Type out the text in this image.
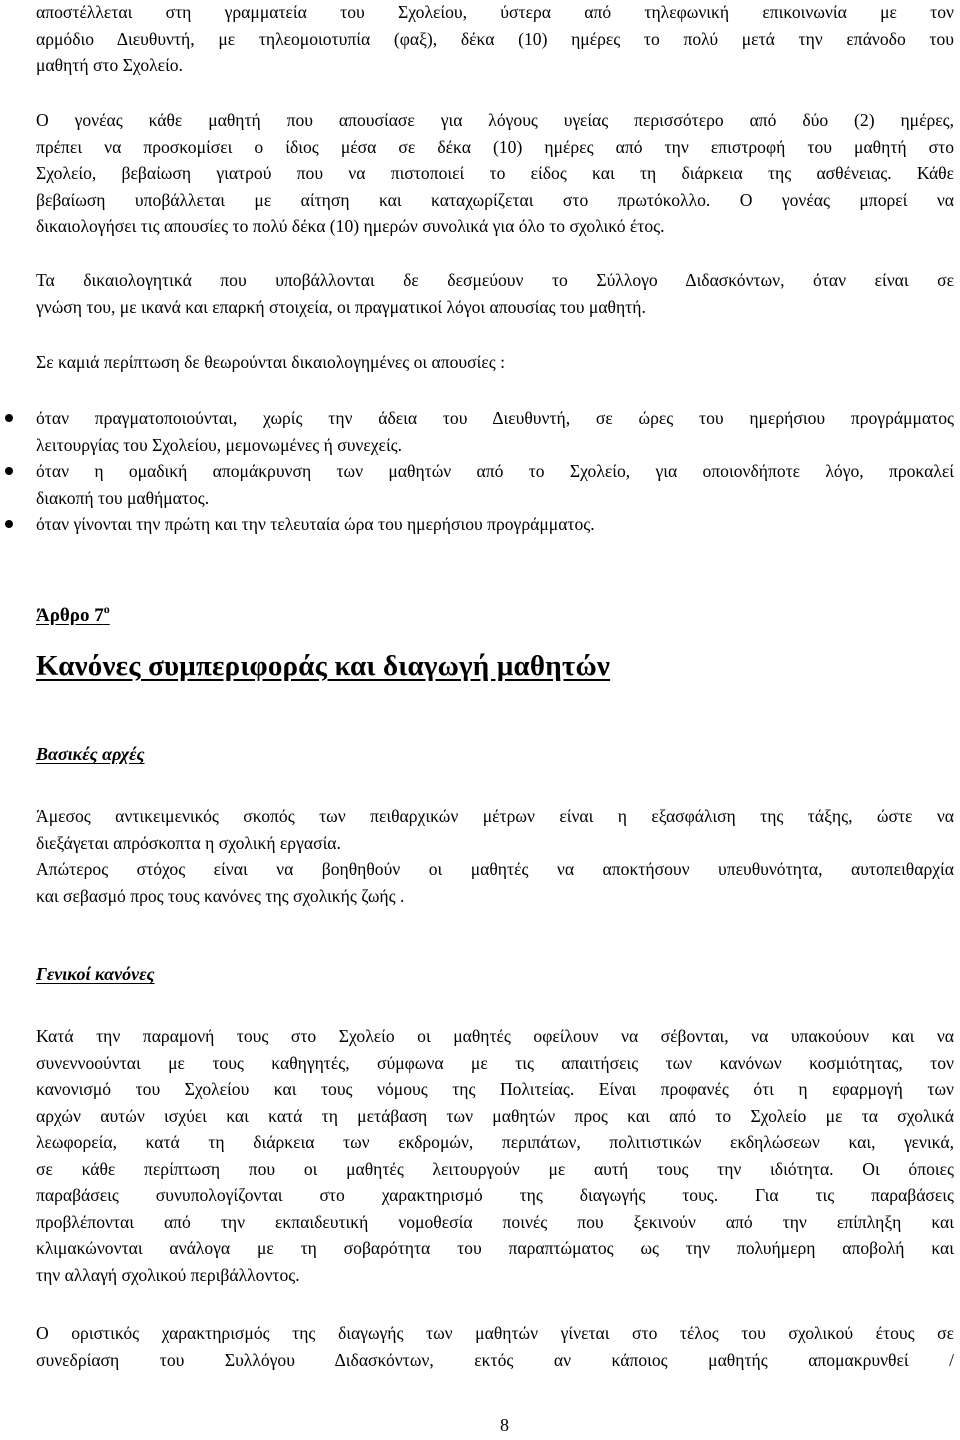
αποστέλλεται στη γραμματεία του Σχολείου, ύστερα από τηλεφωνική επικοινωνία με τον
αρμόδιο Διευθυντή, με τηλεομοιοτυπία (φαξ), δέκα (10) ημέρες το πολύ μετά την επάνοδο του
μαθητή στο Σχολείο.
Ο γονέας κάθε μαθητή που απουσίασε για λόγους υγείας περισσότερο από δύο (2) ημέρες,
πρέπει να προσκομίσει ο ίδιος μέσα σε δέκα (10) ημέρες από την επιστροφή του μαθητή στο
Σχολείο, βεβαίωση γιατρού που να πιστοποιεί το είδος και τη διάρκεια της ασθένειας. Κάθε
βεβαίωση υποβάλλεται με αίτηση και καταχωρίζεται στο πρωτόκολλο. Ο γονέας μπορεί να
δικαιολογήσει τις απουσίες το πολύ δέκα (10) ημερών συνολικά για όλο το σχολικό έτος.
Τα δικαιολογητικά που υποβάλλονται δε δεσμεύουν το Σύλλογο Διδασκόντων, όταν είναι σε
γνώση του, με ικανά και επαρκή στοιχεία, οι πραγματικοί λόγοι απουσίας του μαθητή.
Σε καμιά περίπτωση δε θεωρούνται δικαιολογημένες οι απουσίες :
όταν πραγματοποιούνται, χωρίς την άδεια του Διευθυντή, σε ώρες του ημερήσιου προγράμματος
λειτουργίας του Σχολείου, μεμονωμένες ή συνεχείς.
όταν η ομαδική απομάκρυνση των μαθητών από το Σχολείο, για οποιονδήποτε λόγο, προκαλεί
διακοπή του μαθήματος.
όταν γίνονται την πρώτη και την τελευταία ώρα του ημερήσιου προγράμματος.
Άρθρο $7^o$
Κανόνες συμπεριφοράς και διαγωγή μαθητών
Βασικές αρχές
Άμεσος αντικειμενικός σκοπός των πειθαρχικών μέτρων είναι η εξασφάλιση της τάξης, ώστε να
διεξάγεται απρόσκοπτα η σχολική εργασία.
Απώτερος στόχος είναι να βοηθηθούν οι μαθητές να αποκτήσουν υπευθυνότητα, αυτοπειθαρχία
και σεβασμό προς τους κανόνες της σχολικής ζωής .
Γενικοί κανόνες
Κατά την παραμονή τους στο Σχολείο οι μαθητές οφείλουν να σέβονται, να υπακούουν και να
συνεννοούνται με τους καθηγητές, σύμφωνα με τις απαιτήσεις των κανόνων κοσμιότητας, τον
κανονισμό του Σχολείου και τους νόμους της Πολιτείας. Είναι προφανές ότι η εφαρμογή των
αρχών αυτών ισχύει και κατά τη μετάβαση των μαθητών προς και από το Σχολείο με τα σχολικά
λεωφορεία, κατά τη διάρκεια των εκδρομών, περιπάτων, πολιτιστικών εκδηλώσεων και, γενικά,
σε κάθε περίπτωση που οι μαθητές λειτουργούν με αυτή τους την ιδιότητα. Οι όποιες
παραβάσεις συνυπολογίζονται στο χαρακτηρισμό της διαγωγής τους. Για τις παραβάσεις
προβλέπονται από την εκπαιδευτική νομοθεσία ποινές που ξεκινούν από την επίπληξη και
κλιμακώνονται ανάλογα με τη σοβαρότητα του παραπτώματος ως την πολυήμερη αποβολή και
την αλλαγή σχολικού περιβάλλοντος.
Ο οριστικός χαρακτηρισμός της διαγωγής των μαθητών γίνεται στο τέλος του σχολικού έτους σε
συνεδρίαση του Συλλόγου Διδασκόντων, εκτός αν κάποιος μαθητής απομακρυνθεί /
8
